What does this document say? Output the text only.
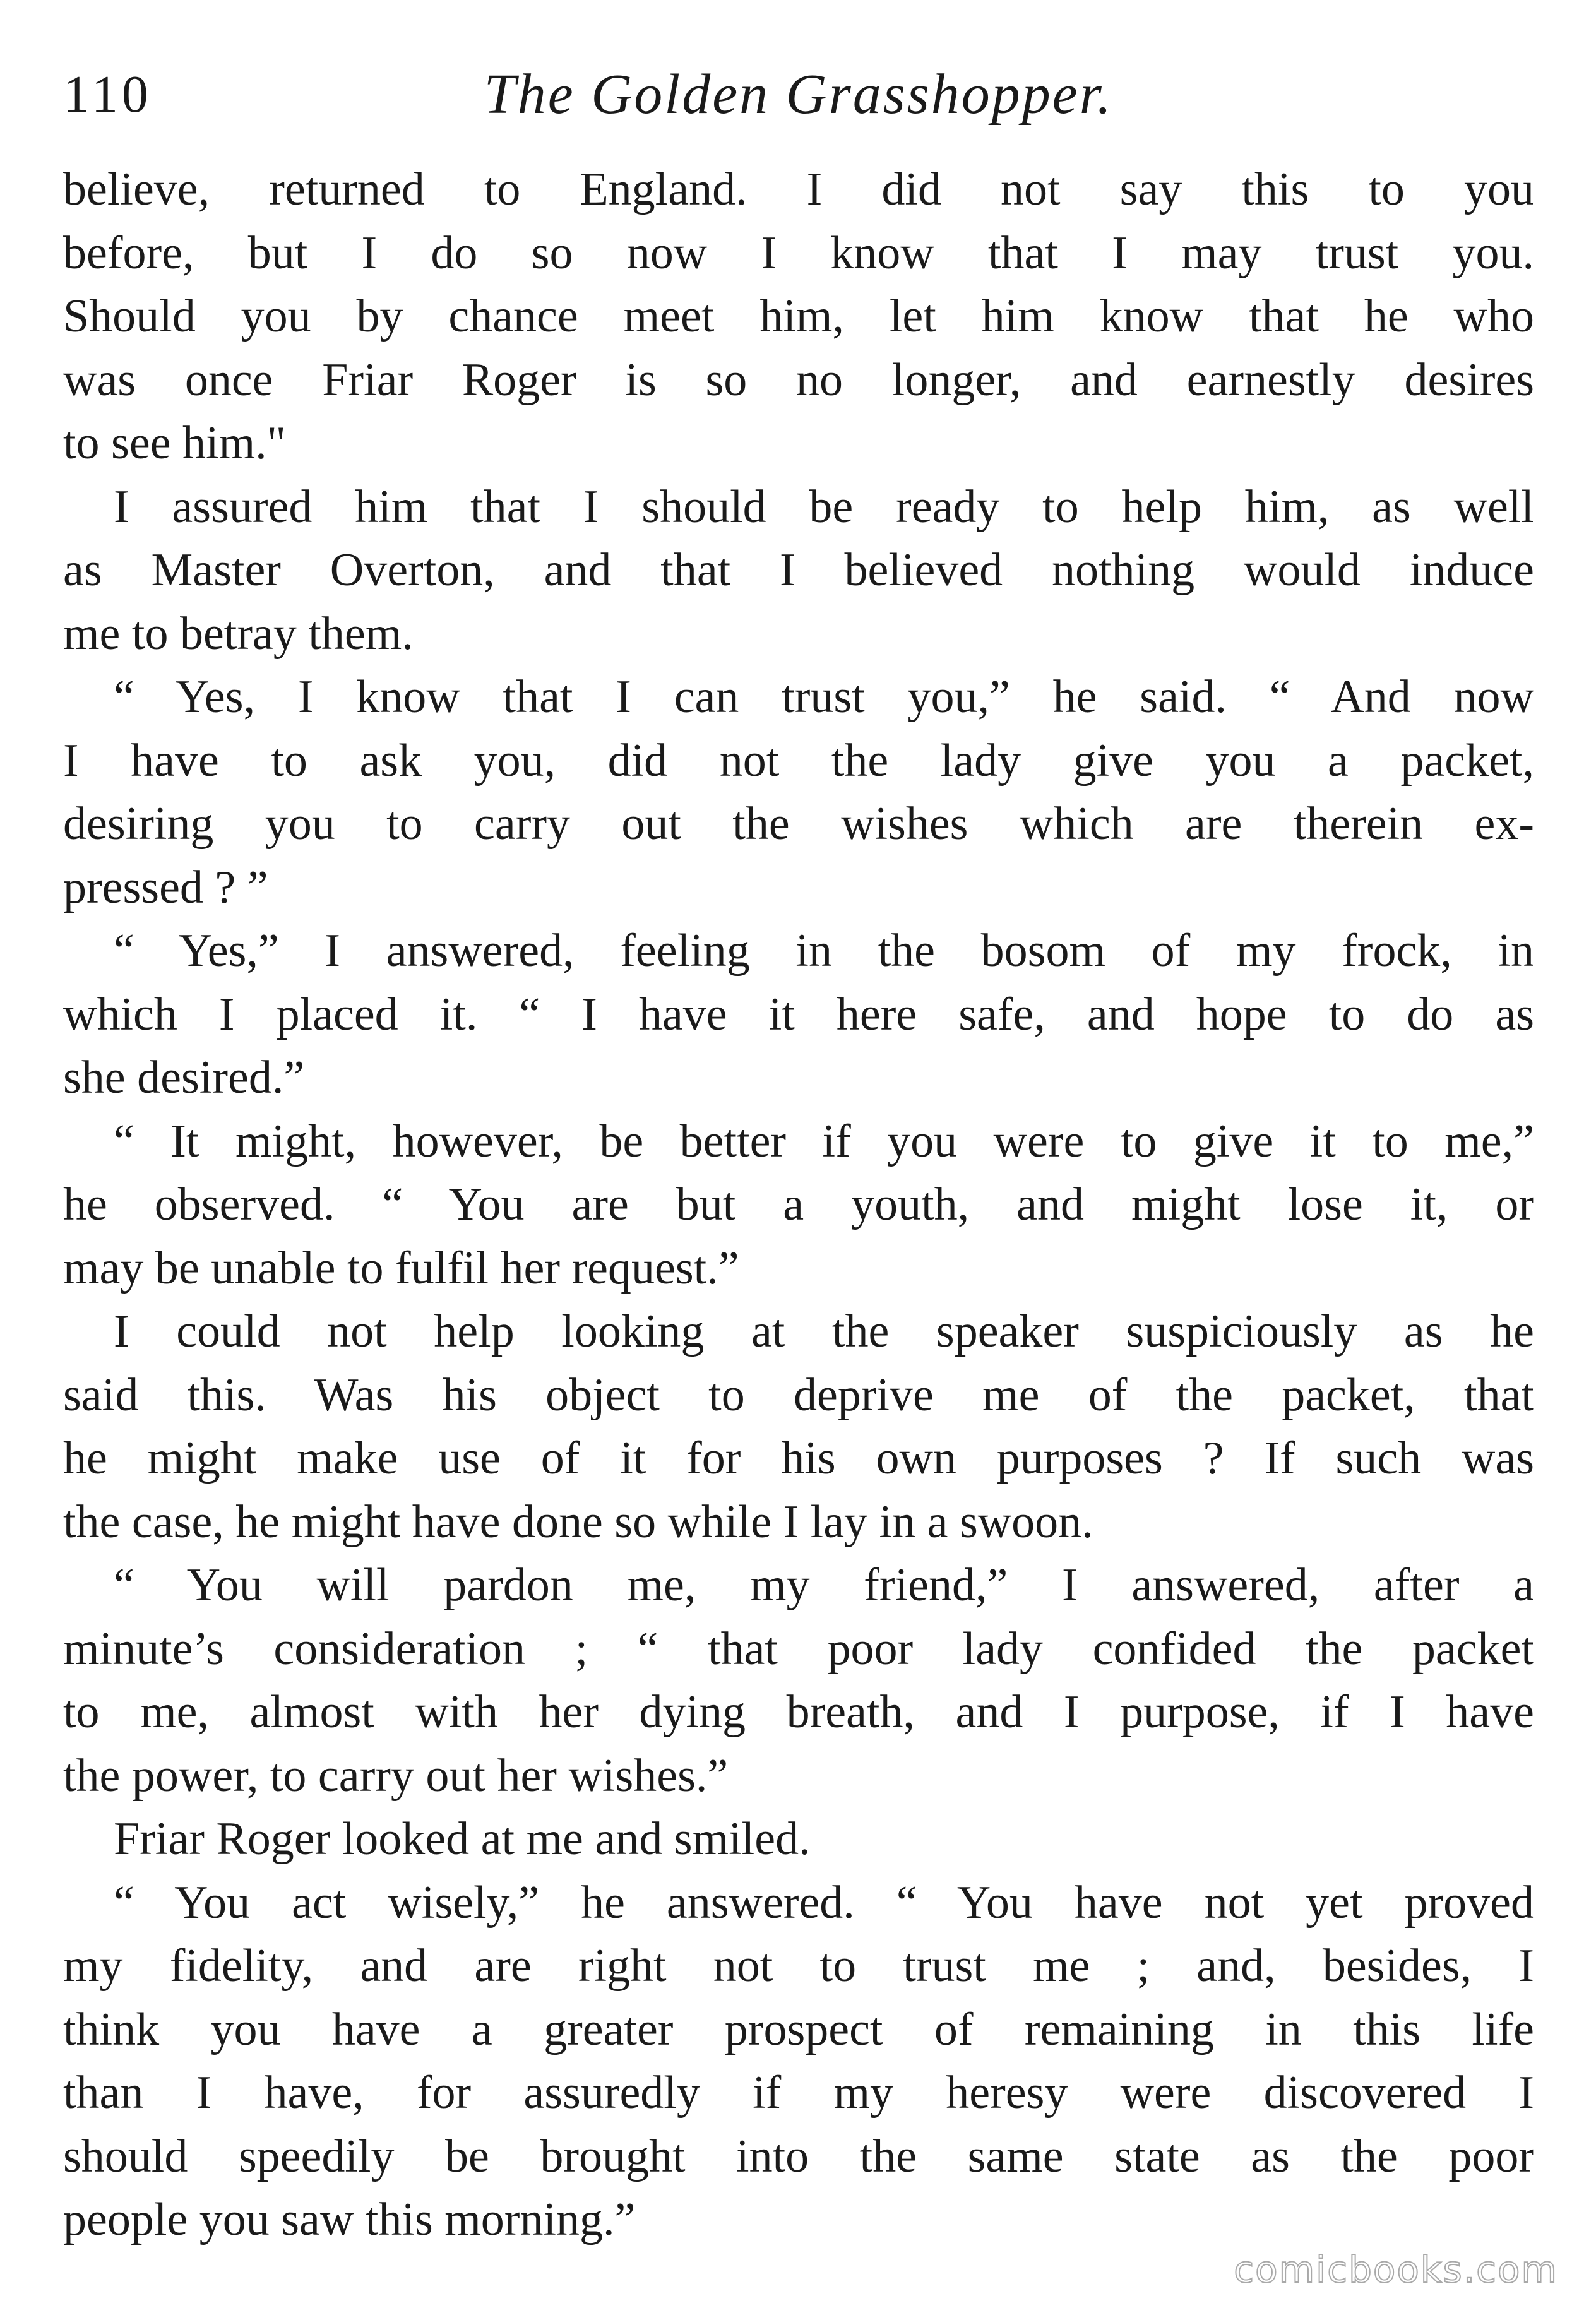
110	The Golden Grasshopper.
believe, returned to England. I did not say this to you
before, but I do so now I know that I may trust you.
Should you by chance meet him, let him know that he who
was once Friar Roger is so no longer, and earnestly desires
to see him."
I assured him that I should be ready to help him, as well
as Master Overton, and that I believed nothing would induce
me to betray them.
“ Yes, I know that I can trust you,” he said. “ And now
I have to ask you, did not the lady give you a packet,
desiring you to carry out the wishes which are therein ex-
pressed ? ”
“ Yes,” I answered, feeling in the bosom of my frock, in
which I placed it. “ I have it here safe, and hope to do as
she desired.”
“ It might, however, be better if you were to give it to me,”
he observed. “ You are but a youth, and might lose it, or
may be unable to fulfil her request.”
I could not help looking at the speaker suspiciously as he
said this. Was his object to deprive me of the packet, that
he might make use of it for his own purposes ? If such was
the case, he might have done so while I lay in a swoon.
“ You will pardon me, my friend,” I answered, after a
minute’s consideration ; “ that poor lady confided the packet
to me, almost with her dying breath, and I purpose, if I have
the power, to carry out her wishes.”
Friar Roger looked at me and smiled.
“ You act wisely,” he answered. “ You have not yet proved
my fidelity, and are right not to trust me ; and, besides, I
think you have a greater prospect of remaining in this life
than I have, for assuredly if my heresy were discovered I
should speedily be brought into the same state as the poor
people you saw this morning.”
comicbooks.com
